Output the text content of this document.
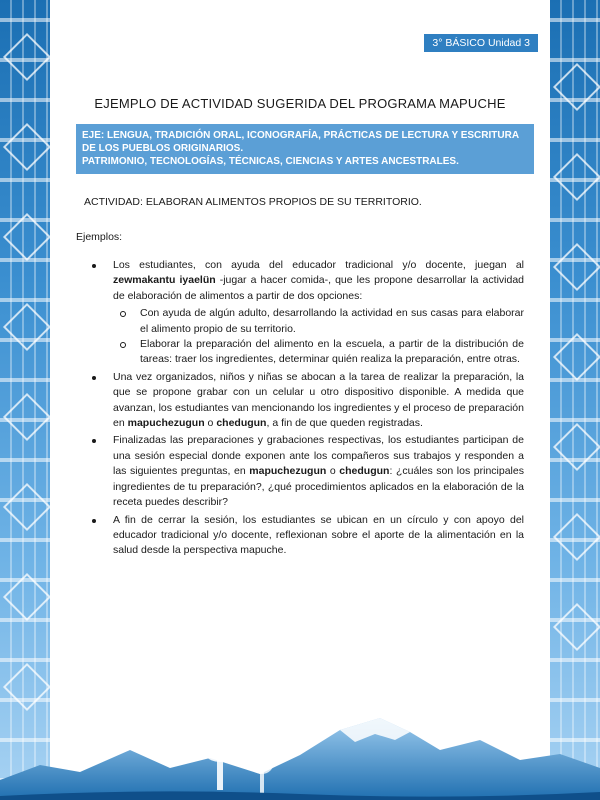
3° BÁSICO Unidad 3
EJEMPLO DE ACTIVIDAD SUGERIDA DEL PROGRAMA MAPUCHE

EJE: LENGUA, TRADICIÓN ORAL, ICONOGRAFÍA, PRÁCTICAS DE LECTURA Y ESCRITURA DE LOS PUEBLOS ORIGINARIOS.

PATRIMONIO, TECNOLOGÍAS, TÉCNICAS, CIENCIAS Y ARTES ANCESTRALES.

ACTIVIDAD: ELABORAN ALIMENTOS PROPIOS DE SU TERRITORIO.
Ejemplos:
Los estudiantes, con ayuda del educador tradicional y/o docente, juegan al zewmakantu iyaelün -jugar a hacer comida-, que les propone desarrollar la actividad de elaboración de alimentos a partir de dos opciones:
Con ayuda de algún adulto, desarrollando la actividad en sus casas para elaborar el alimento propio de su territorio.
Elaborar la preparación del alimento en la escuela, a partir de la distribución de tareas: traer los ingredientes, determinar quién realiza la preparación, entre otras.
Una vez organizados, niños y niñas se abocan a la tarea de realizar la preparación, la que se propone grabar con un celular u otro dispositivo disponible. A medida que avanzan, los estudiantes van mencionando los ingredientes y el proceso de preparación en mapuchezugun o chedugun, a fin de que queden registradas.
Finalizadas las preparaciones y grabaciones respectivas, los estudiantes participan de una sesión especial donde exponen ante los compañeros sus trabajos y responden a las siguientes preguntas, en mapuchezugun o chedugun: ¿cuáles son los principales ingredientes de tu preparación?, ¿qué procedimientos aplicados en la elaboración de la receta puedes describir?
A fin de cerrar la sesión, los estudiantes se ubican en un círculo y con apoyo del educador tradicional y/o docente, reflexionan sobre el aporte de la alimentación en la salud desde la perspectiva mapuche.
